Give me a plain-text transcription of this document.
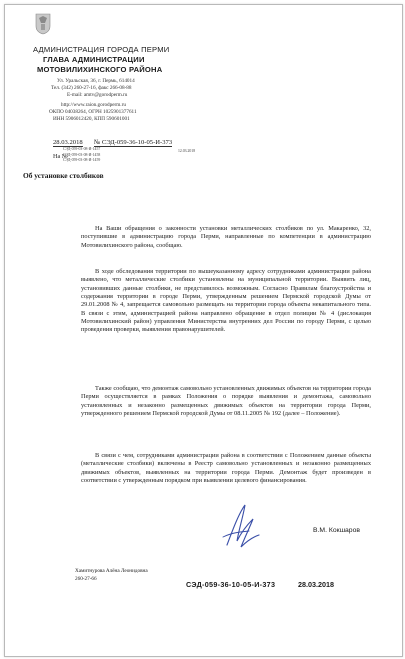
АДМИНИСТРАЦИЯ ГОРОДА ПЕРМИ
ГЛАВА АДМИНИСТРАЦИИ
МОТОВИЛИХИНСКОГО РАЙОНА
Ул. Уральская, 36, г. Пермь, 614014
Тел. (342) 260-27-16, факс 266-08-88
E-mail: amtv@gorodperm.ru
http://www.raion.gorodperm.ru
ОКПО 04038264, ОГРН 1025901377611
ИНН 5906012420, КПП 590601001
28.03.2018 № СЭД-059-36-10-05-И-373
СЭД-059-03-08-И-1457	12.03.2018
На №
СЭД-059-03-08-И-1458
СЭД-059-03-08-И-1459
Об установке столбиков
На Ваши обращения о законности установки металлических столбиков по ул. Макаренко, 32, поступившие в администрацию города Перми, направленные по компетенции в администрацию Мотовилихинского района, сообщаю.
В ходе обследования территории по вышеуказанному адресу сотрудниками администрации района выявлено, что металлические столбики установлены на муниципальной территории. Выявить лиц, установивших данные столбики, не представилось возможным. Согласно Правилам благоустройства и содержания территории в городе Перми, утвержденным решением Пермской городской Думы от 29.01.2008 № 4, запрещается самовольно размещать на территории города объекты некапитального типа. В связи с этим, администрацией района направлено обращение в отдел полиции № 4 (дислокация Мотовилихинский район) управления Министерства внутренних дел России по городу Перми, с целью проведения проверки, выявления правонарушителей.
Также сообщаю, что демонтаж самовольно установленных движимых объектов на территории города Перми осуществляется в рамках Положения о порядке выявления и демонтажа, самовольно установленных и незаконно размещенных движимых объектов на территории города Перми, утвержденного решением Пермской городской Думы от 08.11.2005 № 192 (далее – Положение).
В связи с чем, сотрудниками администрации района в соответствии с Положением данные объекты (металлические столбики) включены в Реестр самовольно установленных и незаконно размещенных движимых объектов, выявленных на территории города Перми. Демонтаж будет произведен в соответствии с утвержденным порядком при выявлении целевого финансирования.
В.М. Кокшаров
Хамитнурова Алёна Леонидовна
260-27-66
СЭД-059-36-10-05-И-373	28.03.2018
